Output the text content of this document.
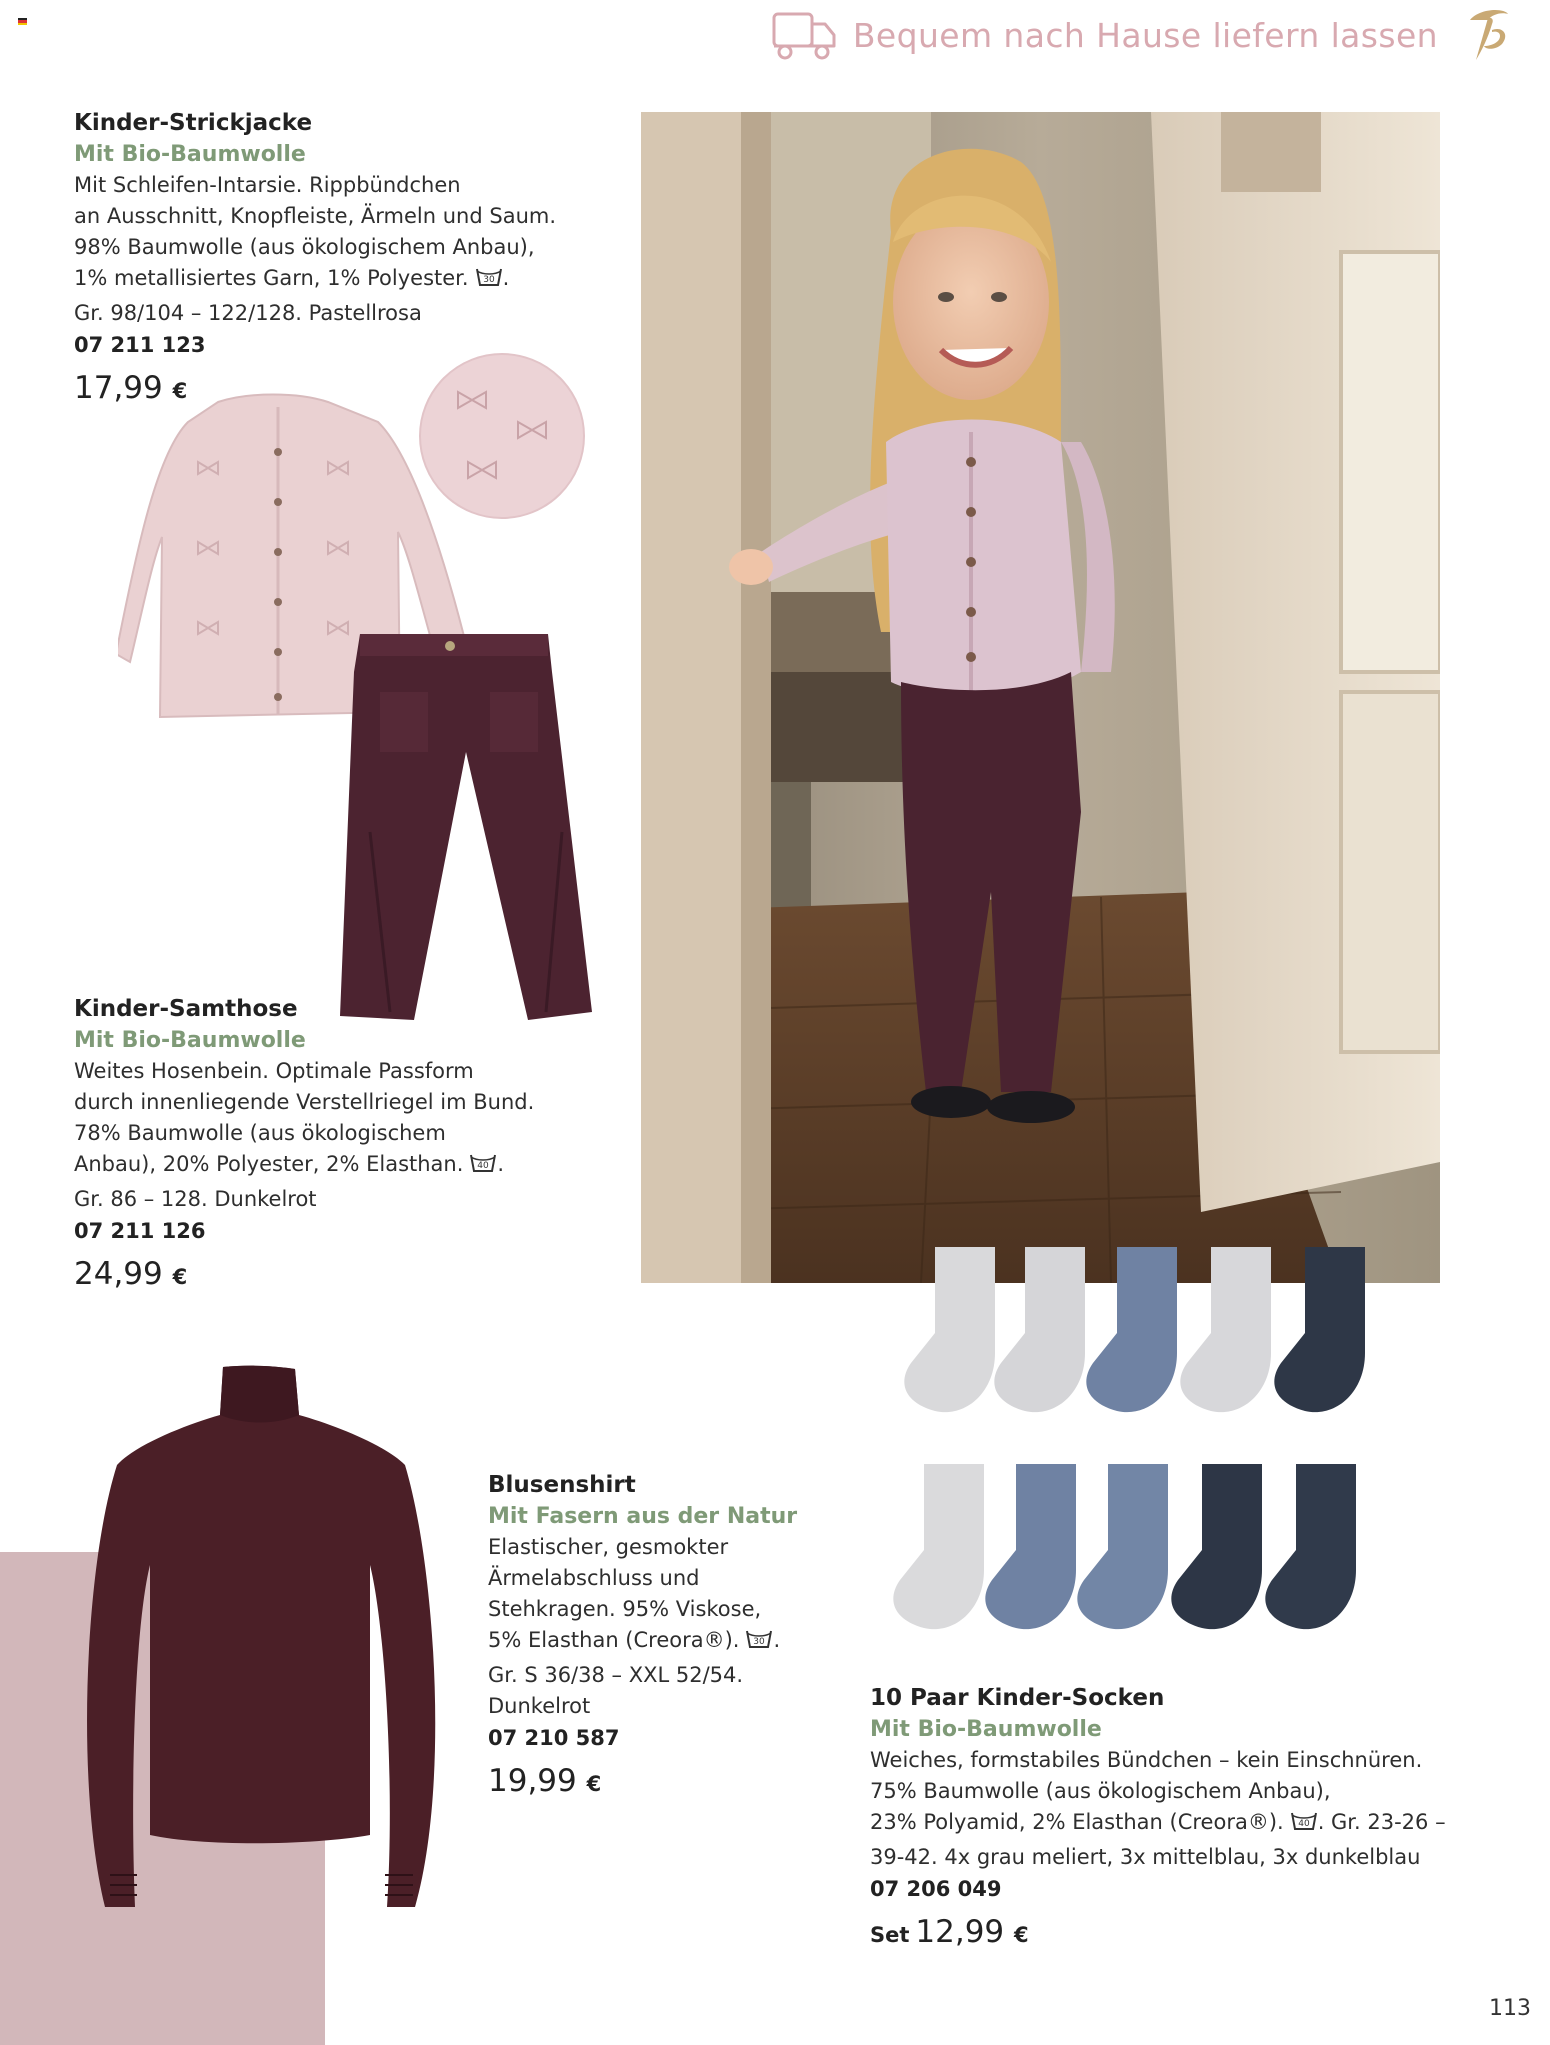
Bequem nach Hause liefern lassen
Kinder-Strickjacke
Mit Bio-Baumwolle
Mit Schleifen-Intarsie. Rippbündchen
an Ausschnitt, Knopfleiste, Ärmeln und Saum.
98% Baumwolle (aus ökologischem Anbau),
1% metallisiertes Garn, 1% Polyester. 30 .
Gr. 98/104 – 122/128. Pastellrosa
07 211 123
17,99 €
Kinder-Samthose
Mit Bio-Baumwolle
Weites Hosenbein. Optimale Passform
durch innenliegende Verstellriegel im Bund.
78% Baumwolle (aus ökologischem
Anbau), 20% Polyester, 2% Elasthan. 40 .
Gr. 86 – 128. Dunkelrot
07 211 126
24,99 €
Blusenshirt
Mit Fasern aus der Natur
Elastischer, gesmokter
Ärmelabschluss und
Stehkragen. 95% Viskose,
5% Elasthan (Creora®). 30 .
Gr. S 36/38 – XXL 52/54.
Dunkelrot
07 210 587
19,99 €
10 Paar Kinder-Socken
Mit Bio-Baumwolle
Weiches, formstabiles Bündchen – kein Einschnüren.
75% Baumwolle (aus ökologischem Anbau),
23% Polyamid, 2% Elasthan (Creora®). 40 . Gr. 23-26 –
39-42. 4x grau meliert, 3x mittelblau, 3x dunkelblau
07 206 049
Set 12,99 €
113
